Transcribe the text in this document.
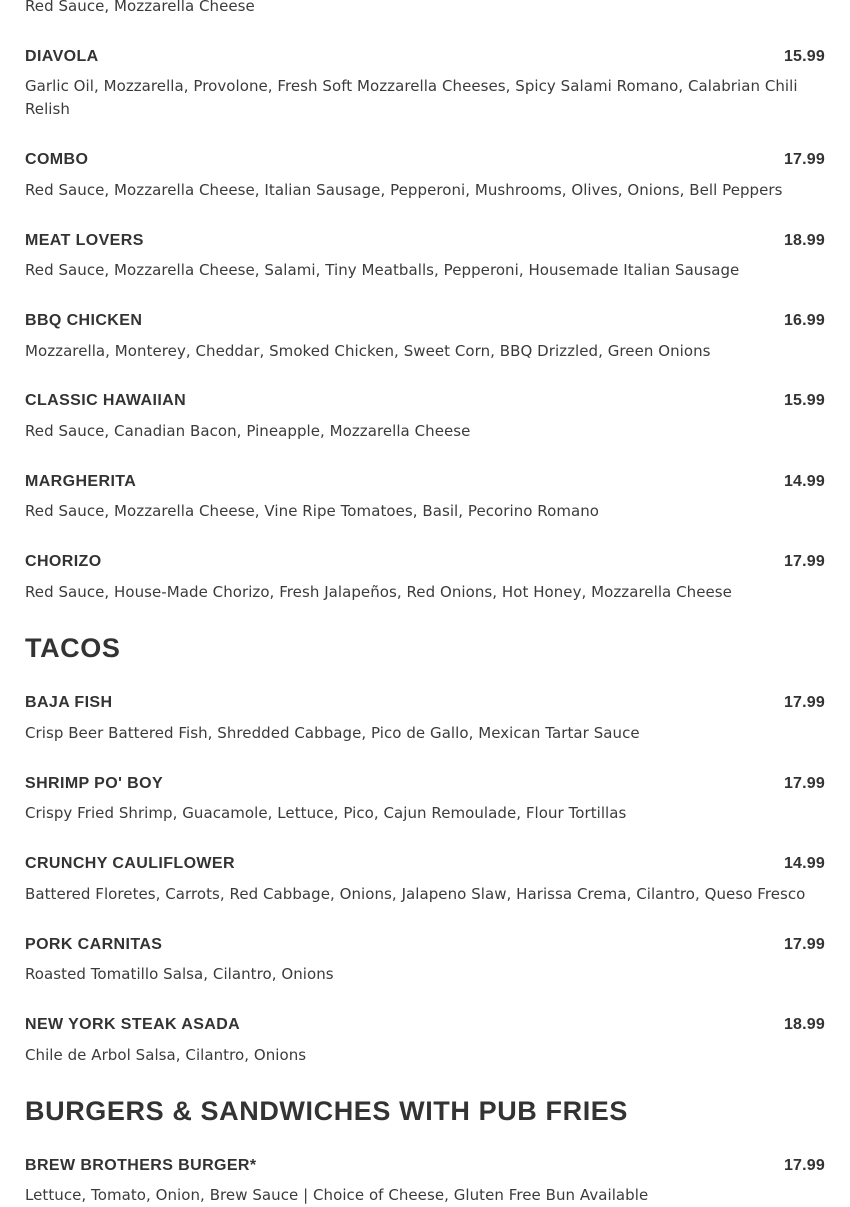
Red Sauce, Mozzarella Cheese
DIAVOLA	15.99
Garlic Oil, Mozzarella, Provolone, Fresh Soft Mozzarella Cheeses, Spicy Salami Romano, Calabrian Chili Relish
COMBO	17.99
Red Sauce, Mozzarella Cheese, Italian Sausage, Pepperoni, Mushrooms, Olives, Onions, Bell Peppers
MEAT LOVERS	18.99
Red Sauce, Mozzarella Cheese, Salami, Tiny Meatballs, Pepperoni, Housemade Italian Sausage
BBQ CHICKEN	16.99
Mozzarella, Monterey, Cheddar, Smoked Chicken, Sweet Corn, BBQ Drizzled, Green Onions
CLASSIC HAWAIIAN	15.99
Red Sauce, Canadian Bacon, Pineapple, Mozzarella Cheese
MARGHERITA	14.99
Red Sauce, Mozzarella Cheese, Vine Ripe Tomatoes, Basil, Pecorino Romano
CHORIZO	17.99
Red Sauce, House-Made Chorizo, Fresh Jalapeños, Red Onions, Hot Honey, Mozzarella Cheese
TACOS
BAJA FISH	17.99
Crisp Beer Battered Fish, Shredded Cabbage, Pico de Gallo, Mexican Tartar Sauce
SHRIMP PO' BOY	17.99
Crispy Fried Shrimp, Guacamole, Lettuce, Pico, Cajun Remoulade, Flour Tortillas
CRUNCHY CAULIFLOWER	14.99
Battered Floretes, Carrots, Red Cabbage, Onions, Jalapeno Slaw, Harissa Crema, Cilantro, Queso Fresco
PORK CARNITAS	17.99
Roasted Tomatillo Salsa, Cilantro, Onions
NEW YORK STEAK ASADA	18.99
Chile de Arbol Salsa, Cilantro, Onions
BURGERS & SANDWICHES WITH PUB FRIES
BREW BROTHERS BURGER*	17.99
Lettuce, Tomato, Onion, Brew Sauce | Choice of Cheese, Gluten Free Bun Available
